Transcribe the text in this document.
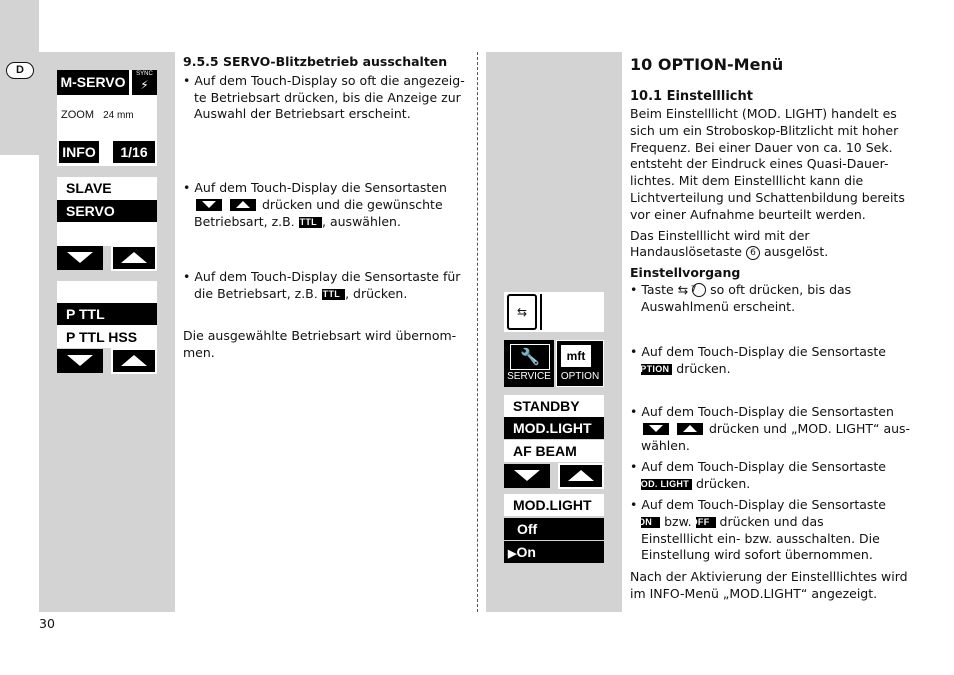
D
M-SERVO	SYNC
⚡
ZOOM 24 mm
INFO	1/16
SLAVE
SERVO
P TTL
P TTL HSS
9.5.5 SERVO-Blitzbetrieb ausschalten
• Auf dem Touch-Display so oft die angezeig-te Betriebsart drücken, bis die Anzeige zur Auswahl der Betriebsart erscheint.
• Auf dem Touch-Display die Sensortasten

drücken und die gewünschte
Betriebsart, z.B. P TTL , auswählen.
• Auf dem Touch-Display die Sensortaste für
die Betriebsart, z.B. P TTL , drücken.
Die ausgewählte Betriebsart wird übernom-men.
⇆
🔧
SERVICE
mft
OPTION
STANDBY
MOD.LIGHT
AF BEAM
MOD.LIGHT
Off
▶On
10 OPTION-Menü
10.1 Einstelllicht
Beim Einstelllicht (MOD. LIGHT) handelt es sich um ein Stroboskop-Blitzlicht mit hoher Frequenz. Bei einer Dauer von ca. 10 Sek. entsteht der Eindruck eines Quasi-Dauer-lichtes. Mit dem Einstelllicht kann die Lichtverteilung und Schattenbildung bereits vor einer Aufnahme beurteilt werden.
Das Einstelllicht wird mit der
Handauslösetaste 6 ausgelöst.
Einstellvorgang
• Taste ⇆ 7 so oft drücken, bis das
Auswahlmenü erscheint.
• Auf dem Touch-Display die Sensortaste
OPTION drücken.
• Auf dem Touch-Display die Sensortasten

drücken und „MOD. LIGHT“ aus-
wählen.
• Auf dem Touch-Display die Sensortaste
MOD. LIGHT drücken.
• Auf dem Touch-Display die Sensortaste
ON bzw. OFF drücken und das
Einstelllicht ein- bzw. ausschalten. Die
Einstellung wird sofort übernommen.
Nach der Aktivierung der Einstelllichtes wird im INFO-Menü „MOD.LIGHT“ angezeigt.
30
